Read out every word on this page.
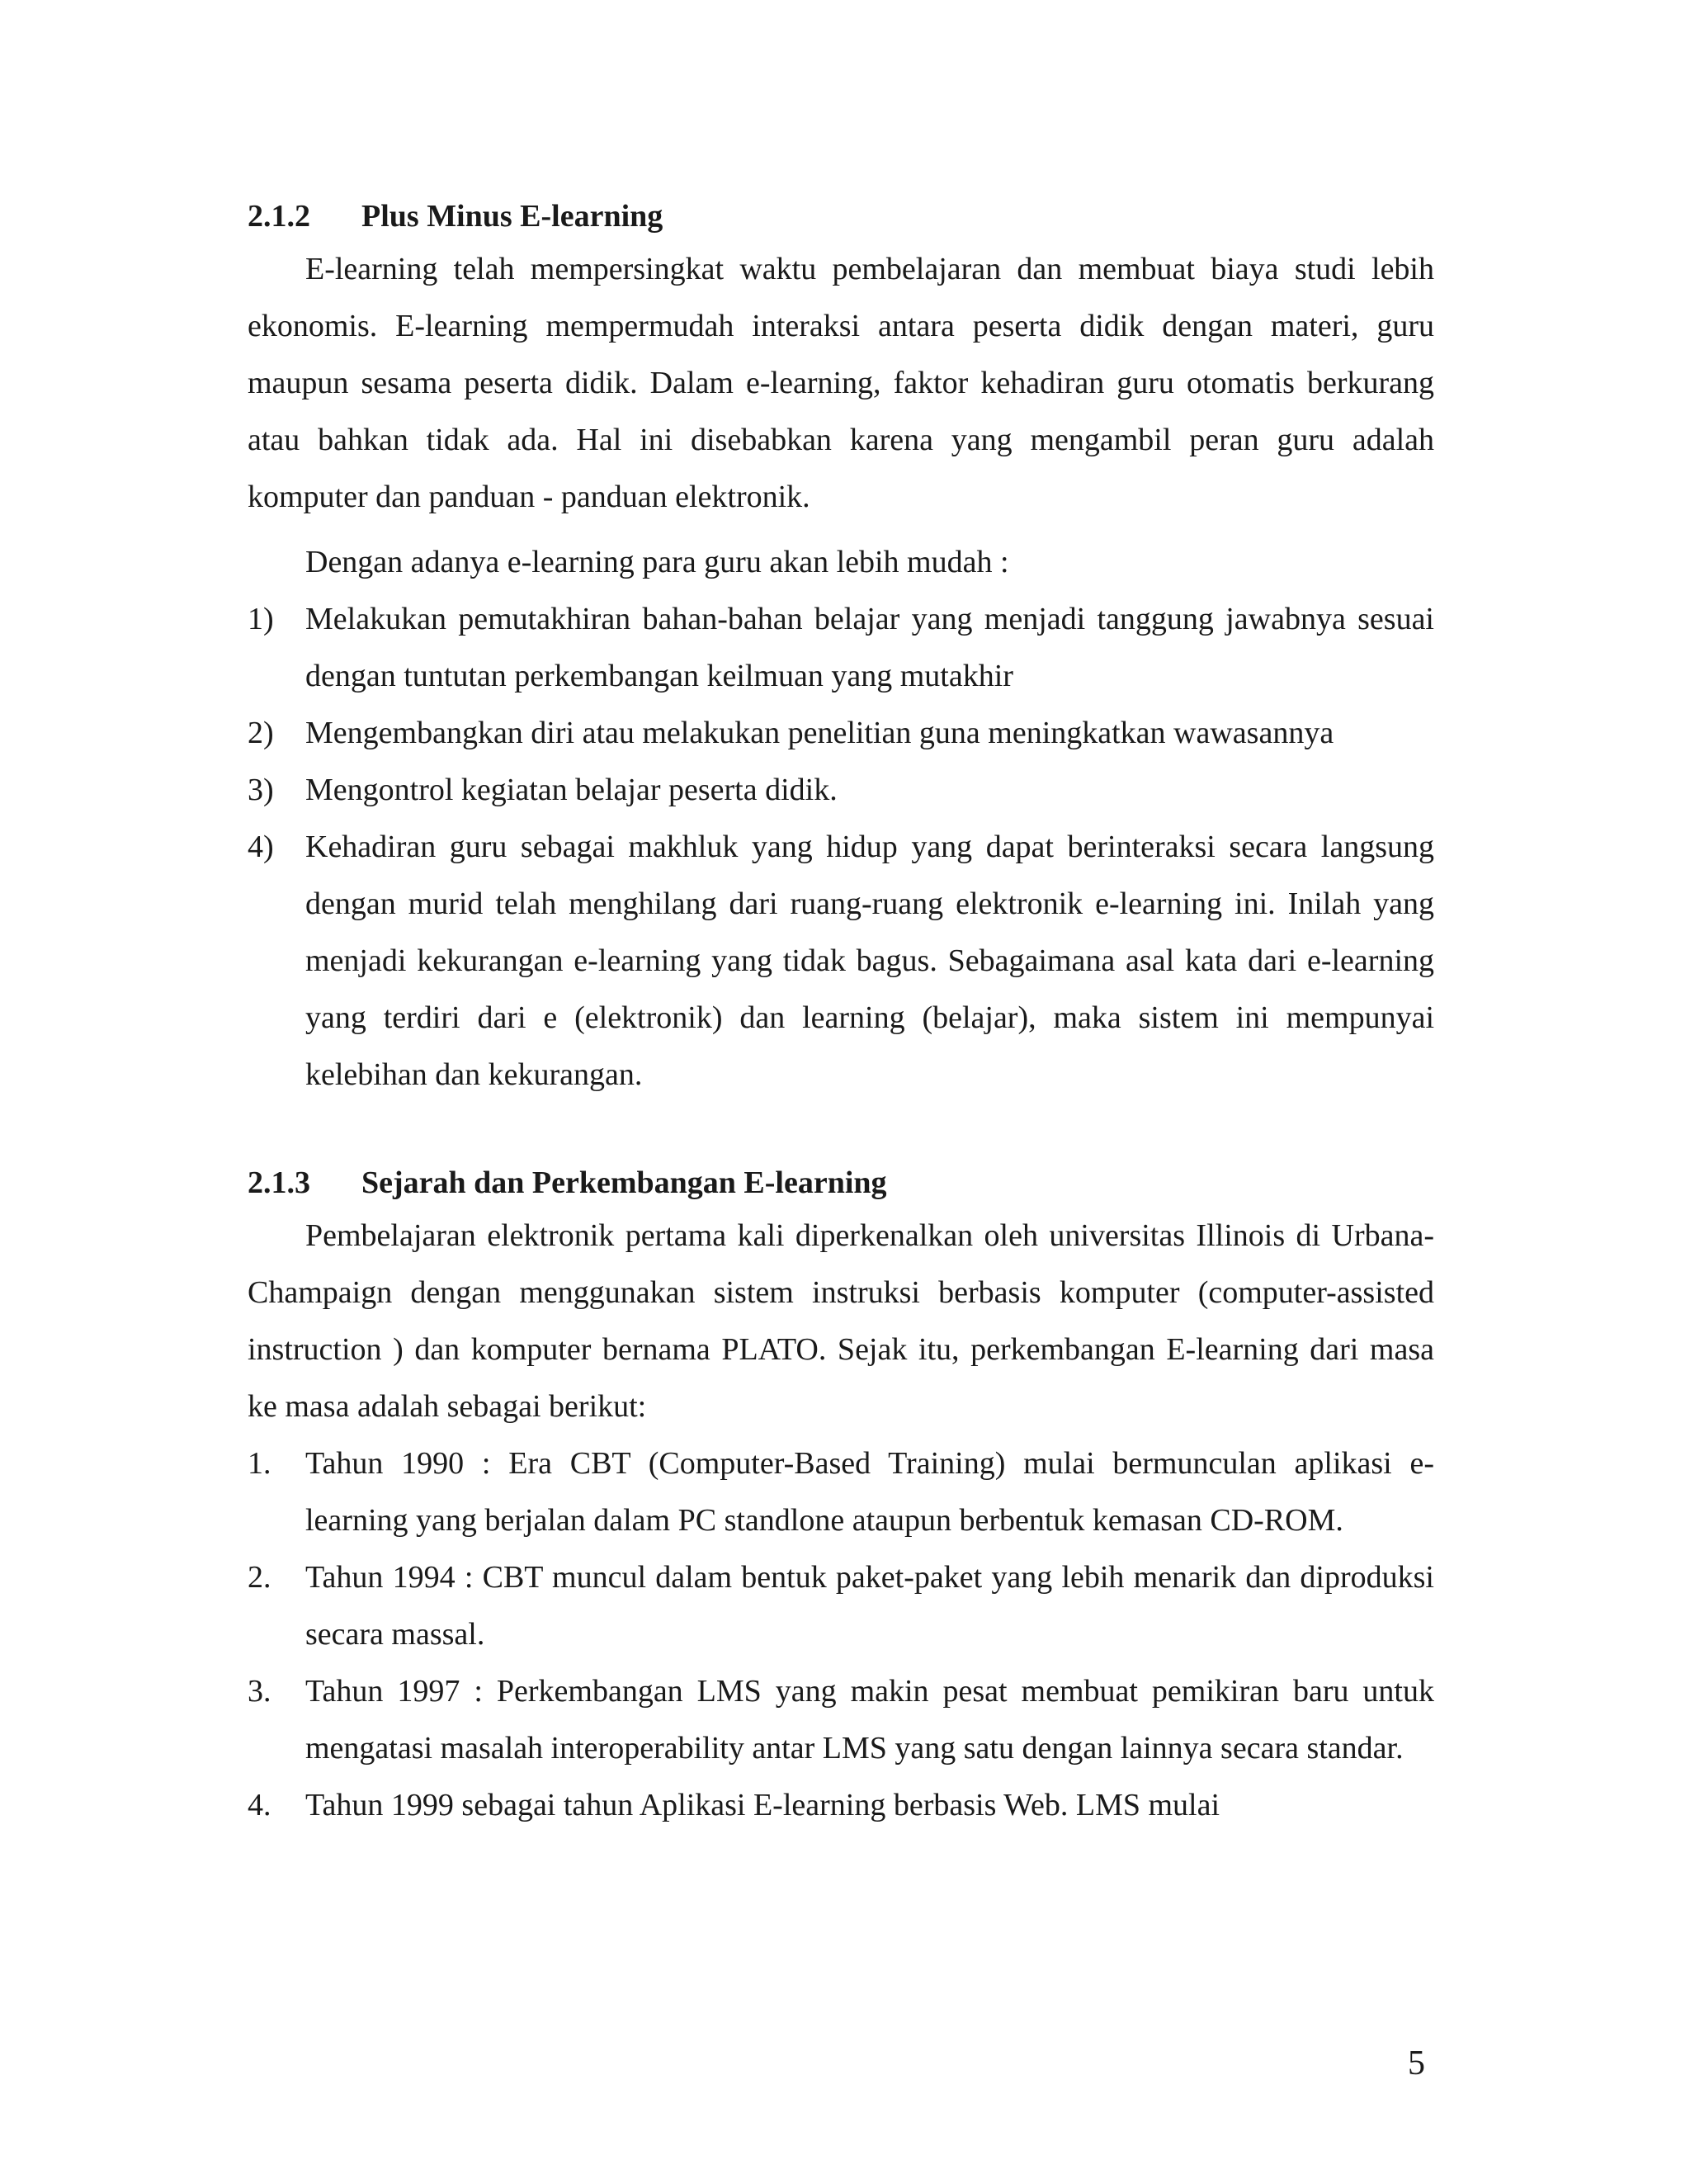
2.1.2	Plus Minus E-learning

E-learning telah mempersingkat waktu pembelajaran dan membuat biaya studi lebih ekonomis. E-learning mempermudah interaksi antara peserta didik dengan materi, guru maupun sesama peserta didik. Dalam e-learning, faktor kehadiran guru otomatis berkurang atau bahkan tidak ada. Hal ini disebabkan karena yang mengambil peran guru adalah komputer dan panduan - panduan elektronik.

Dengan adanya e-learning para guru akan lebih mudah :

1) Melakukan pemutakhiran bahan-bahan belajar yang menjadi tanggung jawabnya sesuai dengan tuntutan perkembangan keilmuan yang mutakhir
2) Mengembangkan diri atau melakukan penelitian guna meningkatkan wawasannya
3) Mengontrol kegiatan belajar peserta didik.
4) Kehadiran guru sebagai makhluk yang hidup yang dapat berinteraksi secara langsung dengan murid telah menghilang dari ruang-ruang elektronik e-learning ini. Inilah yang menjadi kekurangan e-learning yang tidak bagus. Sebagaimana asal kata dari e-learning yang terdiri dari e (elektronik) dan learning (belajar), maka sistem ini mempunyai kelebihan dan kekurangan.
2.1.3	Sejarah dan Perkembangan E-learning

Pembelajaran elektronik pertama kali diperkenalkan oleh universitas Illinois di Urbana-Champaign dengan menggunakan sistem instruksi berbasis komputer (computer-assisted instruction ) dan komputer bernama PLATO. Sejak itu, perkembangan E-learning dari masa ke masa adalah sebagai berikut:

1. Tahun 1990 : Era CBT (Computer-Based Training) mulai bermunculan aplikasi e-learning yang berjalan dalam PC standlone ataupun berbentuk kemasan CD-ROM.
2. Tahun 1994 : CBT muncul dalam bentuk paket-paket yang lebih menarik dan diproduksi secara massal.
3. Tahun 1997 : Perkembangan LMS yang makin pesat membuat pemikiran baru untuk mengatasi masalah interoperability antar LMS yang satu dengan lainnya secara standar.
4. Tahun 1999 sebagai tahun Aplikasi E-learning berbasis Web. LMS mulai
5
